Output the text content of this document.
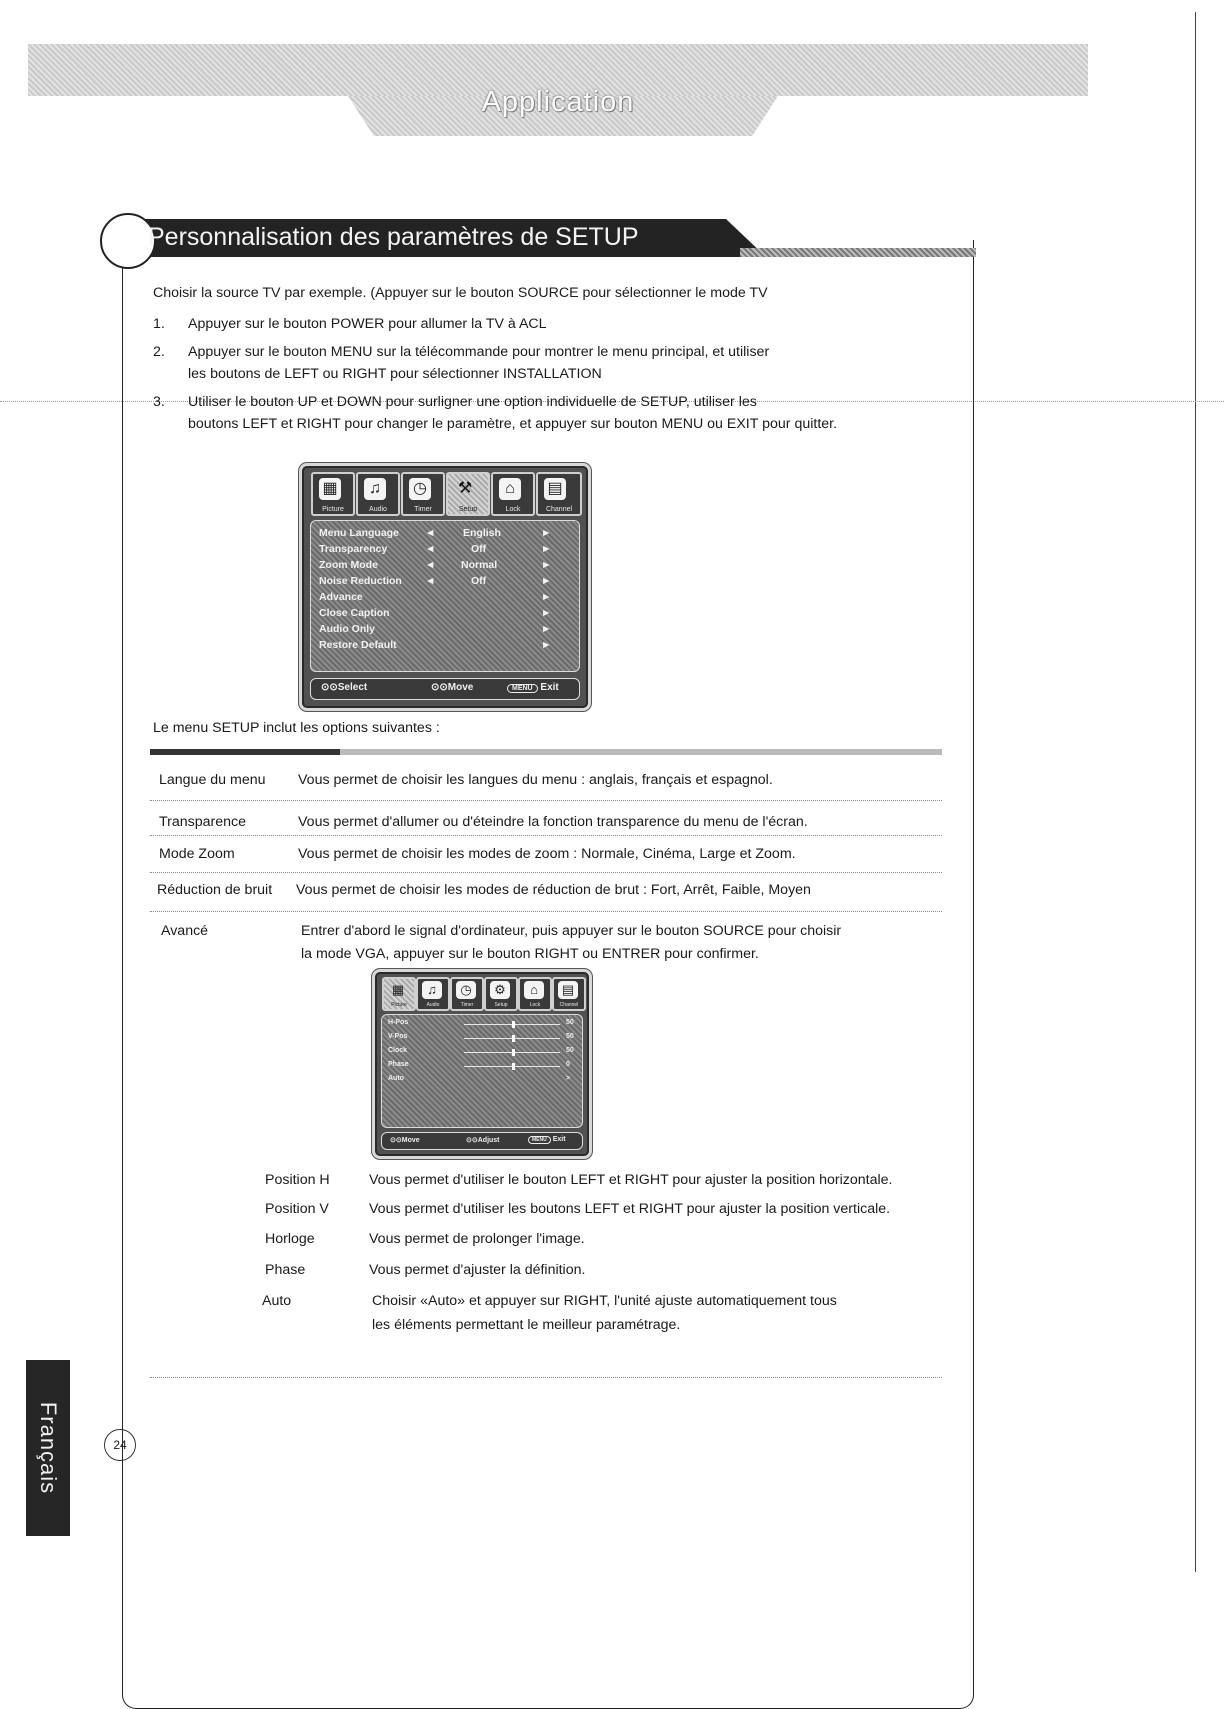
Application
Personnalisation des paramètres de SETUP
Choisir la source TV par exemple. (Appuyer sur le bouton SOURCE pour sélectionner le mode TV
1. Appuyer sur le bouton POWER pour allumer la TV à ACL
2. Appuyer sur le bouton MENU sur la télécommande pour montrer le menu principal, et utiliser
les boutons de LEFT ou RIGHT pour sélectionner INSTALLATION
3. Utiliser le bouton UP et DOWN pour surligner une option individuelle de SETUP, utiliser les
boutons LEFT et RIGHT pour changer le paramètre, et appuyer sur bouton MENU ou EXIT pour quitter.
▦
Picture
♫
Audio
◷
Timer
⚒
Setup
⌂
Lock
▤
Channel
Menu Language ◄	English	►
Transparency	◄	Off	►
Zoom Mode	◄ Normal	►
Noise Reduction ◄	Off	►
Advance	►
Close Caption	►
Audio Only	►
Restore Default	►
⊙⊙Select	⊙⊙Move	MENU Exit
Le menu SETUP inclut les options suivantes :
Langue du menu Vous permet de choisir les langues du menu : anglais, français et espagnol.
Transparence	Vous permet d'allumer ou d'éteindre la fonction transparence du menu de l'écran.
Mode Zoom	Vous permet de choisir les modes de zoom : Normale, Cinéma, Large et Zoom.
Réduction de bruit Vous permet de choisir les modes de réduction de brut : Fort, Arrêt, Faible, Moyen
Avancé	Entrer d'abord le signal d'ordinateur, puis appuyer sur le bouton SOURCE pour choisir
la mode VGA, appuyer sur le bouton RIGHT ou ENTRER pour confirmer.
▦
Picture
♫
Audio
◷
Timer
⚙
Setup
⌂
Lock
▤
Channel
H-Pos	50
V-Pos	50
Clock	50
Phase	0
Auto	>
⊙⊙Move	⊙⊙Adjust	MENU Exit
Position H	Vous permet d'utiliser le bouton LEFT et RIGHT pour ajuster la position horizontale.
Position V	Vous permet d'utiliser les boutons LEFT et RIGHT pour ajuster la position verticale.
Horloge	Vous permet de prolonger l'image.
Phase	Vous permet d'ajuster la définition.
Auto	Choisir «Auto» et appuyer sur RIGHT, l'unité ajuste automatiquement tous
les éléments permettant le meilleur paramétrage.
Français	24
